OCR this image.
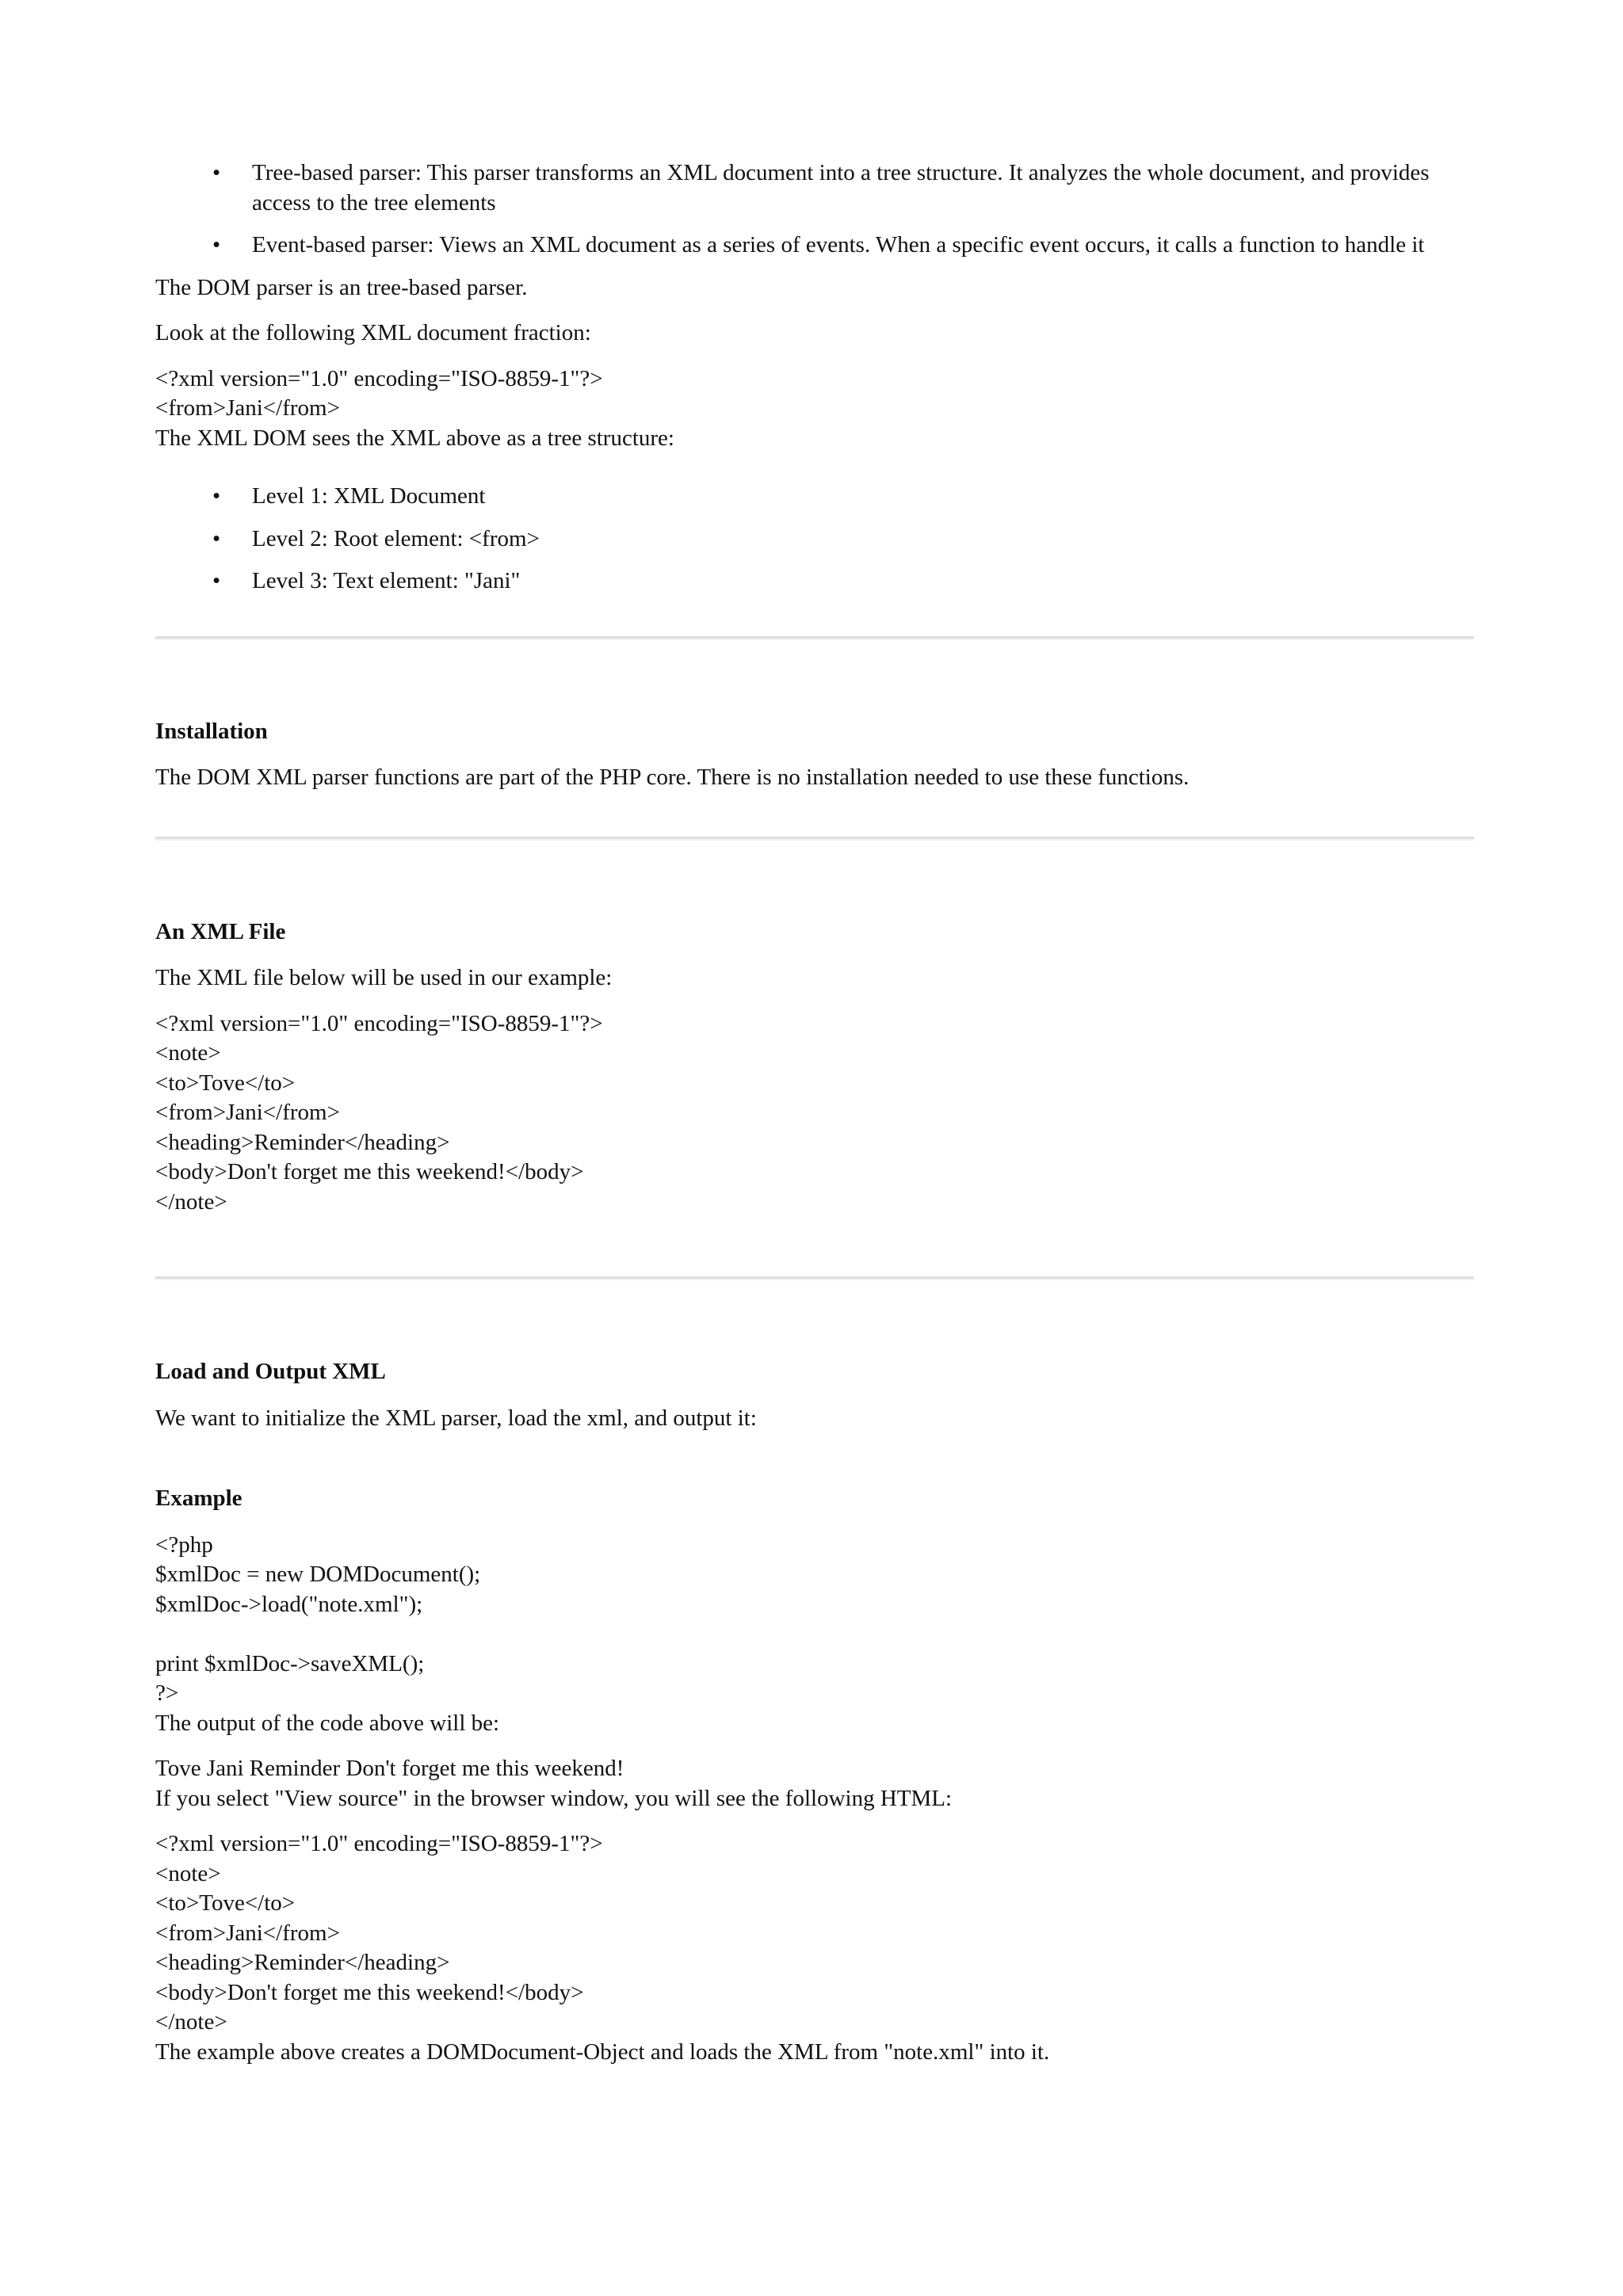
• Tree-based parser: This parser transforms an XML document into a tree structure. It analyzes the whole document, and provides access to the tree elements
• Event-based parser: Views an XML document as a series of events. When a specific event occurs, it calls a function to handle it

The DOM parser is an tree-based parser.

Look at the following XML document fraction:

<?xml version="1.0" encoding="ISO-8859-1"?>
<from>Jani</from>
The XML DOM sees the XML above as a tree structure:
• Level 1: XML Document
• Level 2: Root element: <from>
• Level 3: Text element: "Jani"
Installation

The DOM XML parser functions are part of the PHP core. There is no installation needed to use these functions.

An XML File

The XML file below will be used in our example:

<?xml version="1.0" encoding="ISO-8859-1"?>
<note>
<to>Tove</to>
<from>Jani</from>
<heading>Reminder</heading>
<body>Don't forget me this weekend!</body>
</note>
Load and Output XML

We want to initialize the XML parser, load the xml, and output it:

Example
<?php
$xmlDoc = new DOMDocument();
$xmlDoc->load("note.xml");
print $xmlDoc->saveXML();
?>
The output of the code above will be:
Tove Jani Reminder Don't forget me this weekend!
If you select "View source" in the browser window, you will see the following HTML:
<?xml version="1.0" encoding="ISO-8859-1"?>
<note>
<to>Tove</to>
<from>Jani</from>
<heading>Reminder</heading>
<body>Don't forget me this weekend!</body>
</note>
The example above creates a DOMDocument-Object and loads the XML from "note.xml" into it.
